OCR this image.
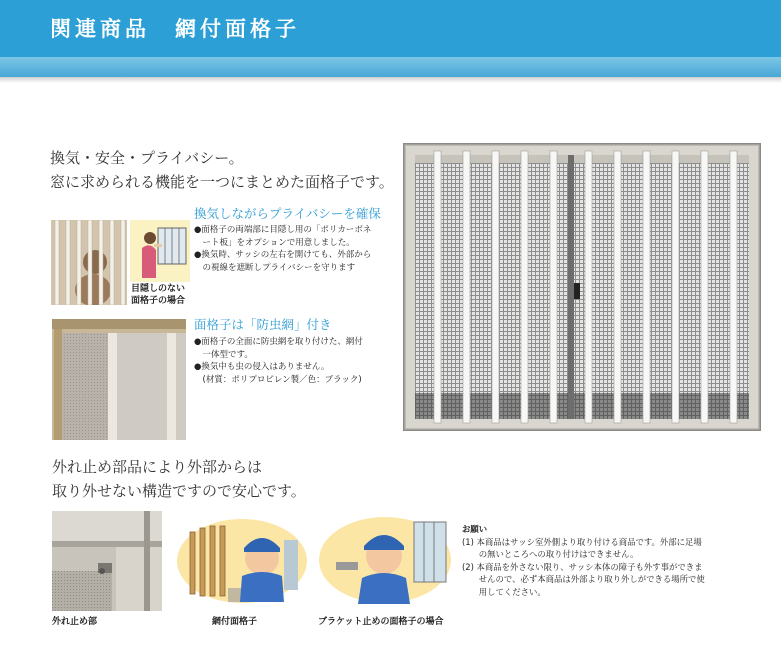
関連商品　網付面格子
換気・安全・プライバシー。
窓に求められる機能を一つにまとめた面格子です。
目隠しのない
面格子の場合
換気しながらプライバシーを確保
●面格子の両端部に目隠し用の「ポリカーボネ
　ート板」をオプションで用意しました。
●換気時、サッシの左右を開けても、外部から
　の視線を遮断しプライバシーを守ります
面格子は「防虫網」付き
●面格子の全面に防虫網を取り付けた、網付
　一体型です。
●換気中も虫の侵入はありません。
　(材質：ポリプロピレン製／色：ブラック)
外れ止め部品により外部からは
取り外せない構造ですので安心です。
外れ止め部	網付面格子	ブラケット止めの面格子の場合
お願い
(1) 本商品はサッシ室外側より取り付ける商品です。外部に足場
　　の無いところへの取り付けはできません。
(2) 本商品を外さない限り、サッシ本体の障子も外す事ができま
　　せんので、必ず本商品は外部より取り外しができる場所で使
　　用してください。
